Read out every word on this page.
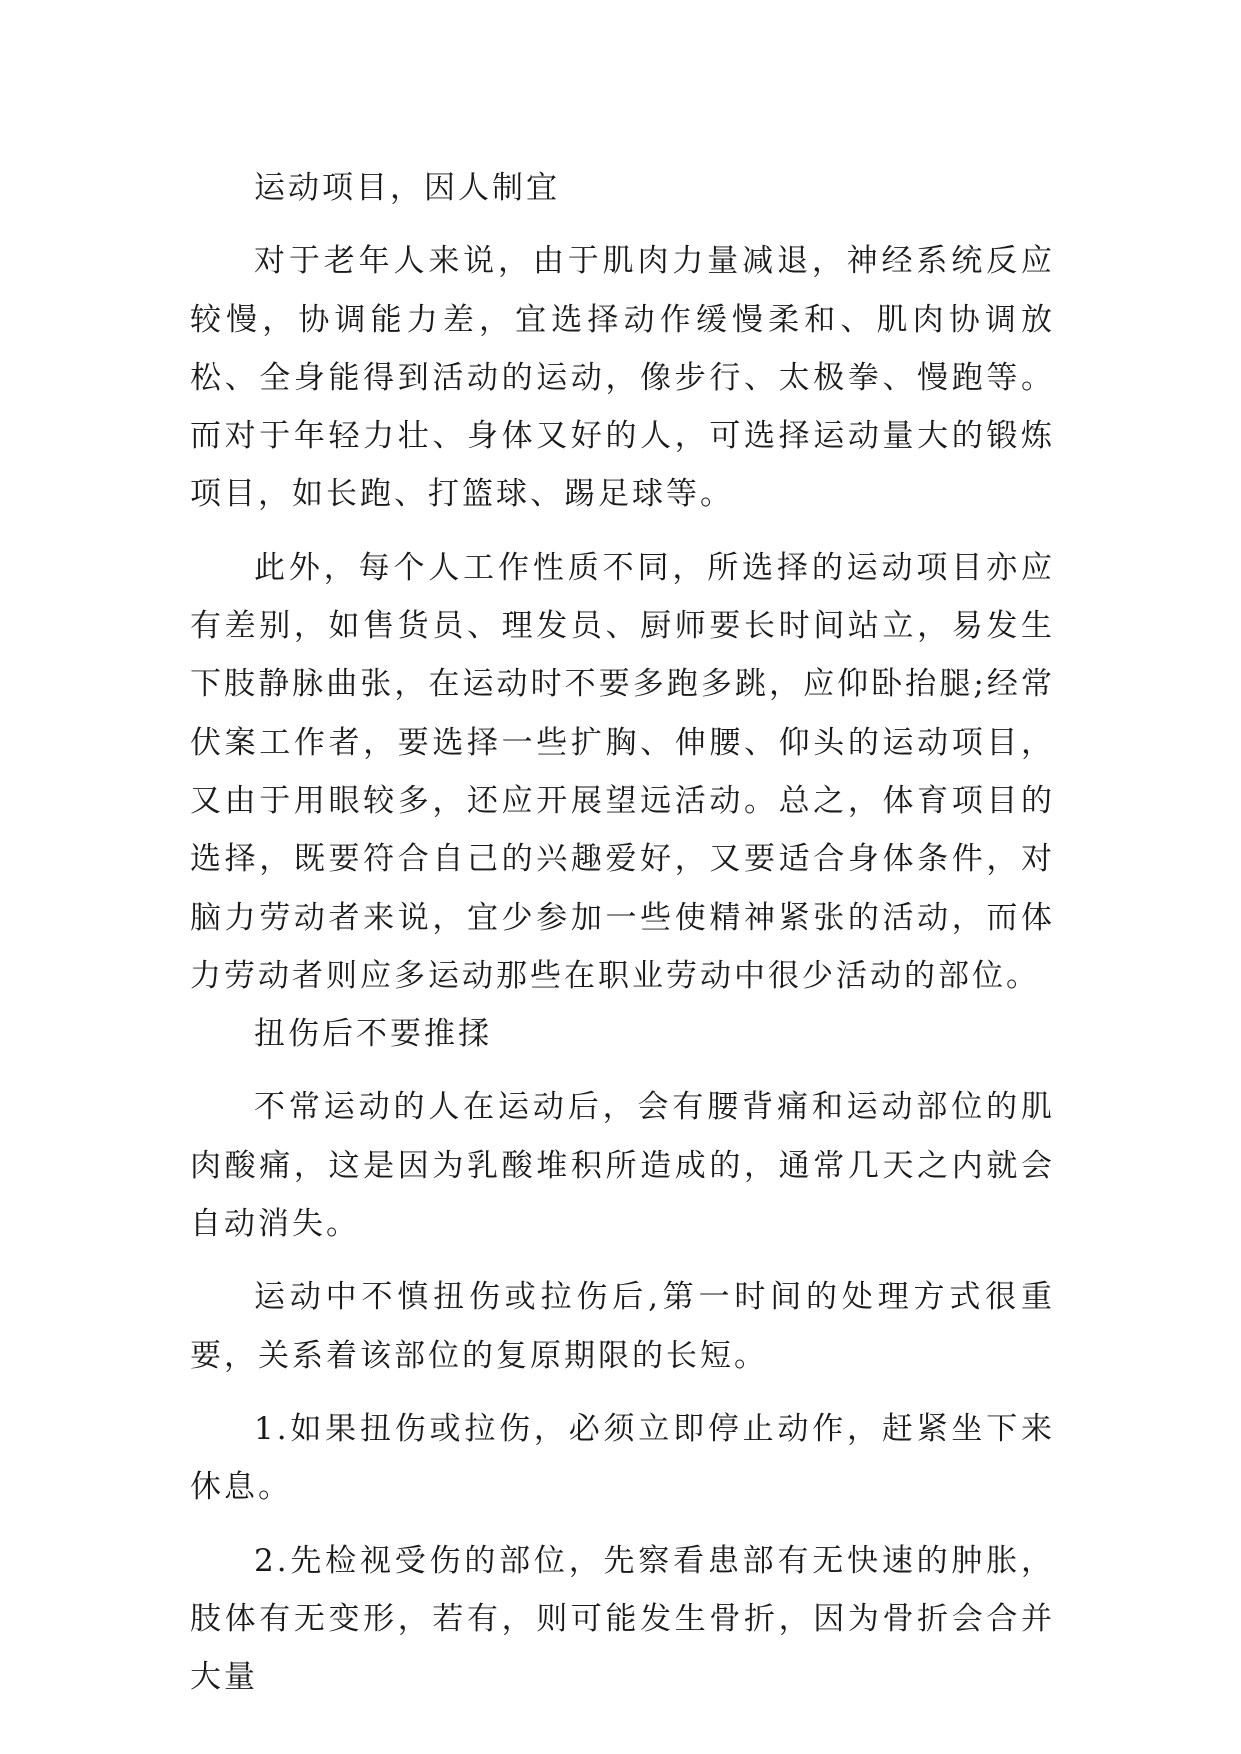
运动项目，因人制宜

对于老年人来说，由于肌肉力量减退，神经系统反应较慢，协调能力差，宜选择动作缓慢柔和、肌肉协调放松、全身能得到活动的运动，像步行、太极拳、慢跑等。而对于年轻力壮、身体又好的人，可选择运动量大的锻炼项目，如长跑、打篮球、踢足球等。

此外，每个人工作性质不同，所选择的运动项目亦应有差别，如售货员、理发员、厨师要长时间站立，易发生下肢静脉曲张，在运动时不要多跑多跳，应仰卧抬腿;经常伏案工作者，要选择一些扩胸、伸腰、仰头的运动项目，又由于用眼较多，还应开展望远活动。总之，体育项目的选择，既要符合自己的兴趣爱好，又要适合身体条件，对脑力劳动者来说，宜少参加一些使精神紧张的活动，而体力劳动者则应多运动那些在职业劳动中很少活动的部位。

扭伤后不要推揉

不常运动的人在运动后，会有腰背痛和运动部位的肌肉酸痛，这是因为乳酸堆积所造成的，通常几天之内就会自动消失。

运动中不慎扭伤或拉伤后,第一时间的处理方式很重要，关系着该部位的复原期限的长短。

1.如果扭伤或拉伤，必须立即停止动作，赶紧坐下来休息。

2.先检视受伤的部位，先察看患部有无快速的肿胀，肢体有无变形，若有，则可能发生骨折，因为骨折会合并大量
